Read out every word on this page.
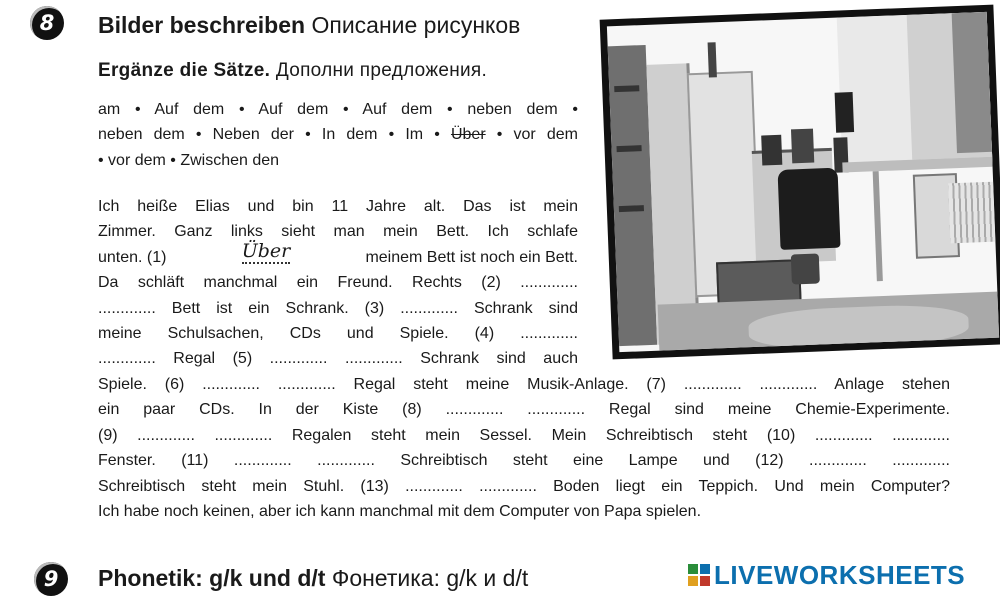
8	Bilder beschreiben Описание рисунков
Ergänze die Sätze. Дополни предложения.
am • Auf dem • Auf dem • Auf dem • neben dem •
neben dem • Neben der • In dem • Im • Über • vor dem
• vor dem • Zwischen den
Ich heiße Elias und bin 11 Jahre alt. Das ist mein
Zimmer. Ganz links sieht man mein Bett. Ich schlafe
unten. (1)	Über	meinem Bett ist noch ein Bett.
Da schläft manchmal ein Freund. Rechts (2) .............
............. Bett ist ein Schrank. (3) ............. Schrank sind
meine Schulsachen, CDs und Spiele. (4) .............
............. Regal (5) ............. ............. Schrank sind auch
Spiele. (6) ............. ............. Regal steht meine Musik-Anlage. (7) ............. ............. Anlage stehen
ein paar CDs. In der Kiste (8) ............. ............. Regal sind meine Chemie-Experimente.
(9) ............. ............. Regalen steht mein Sessel. Mein Schreibtisch steht (10) ............. .............
Fenster. (11) ............. ............. Schreibtisch steht eine Lampe und (12) ............. .............
Schreibtisch steht mein Stuhl. (13) ............. ............. Boden liegt ein Teppich. Und mein Computer?
Ich habe noch keinen, aber ich kann manchmal mit dem Computer von Papa spielen.
9	Phonetik: g/k und d/t Фонетика: g/k и d/t	LIVEWORKSHEETS
